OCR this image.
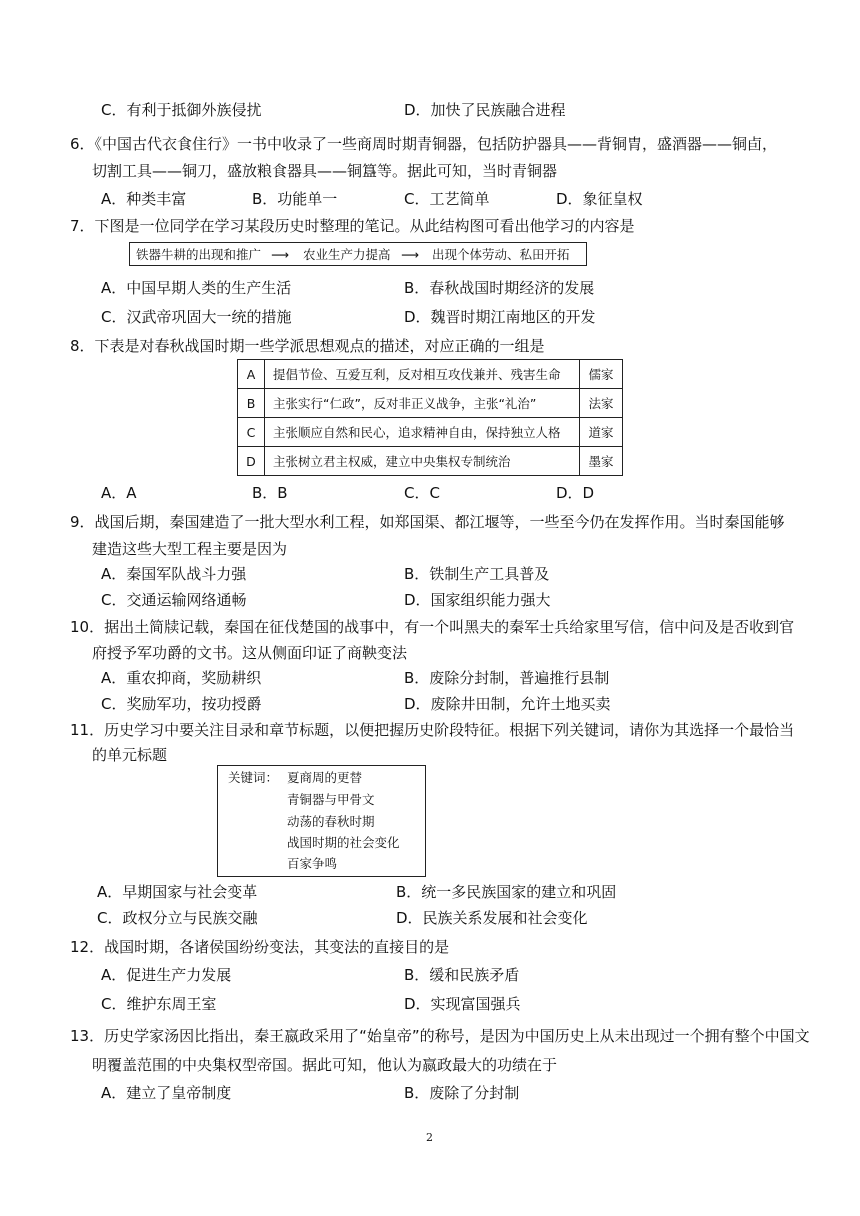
C．有利于抵御外族侵扰	D．加快了民族融合进程
6．《中国古代衣食住行》一书中收录了一些商周时期青铜器，包括防护器具——背铜胄，盛酒器——铜卣，
切割工具——铜刀，盛放粮食器具——铜簋等。据此可知，当时青铜器
A．种类丰富	B．功能单一	C．工艺简单	D．象征皇权
7．下图是一位同学在学习某段历史时整理的笔记。从此结构图可看出他学习的内容是
铁器牛耕的出现和推广 ⟶ 农业生产力提高 ⟶ 出现个体劳动、私田开拓
A．中国早期人类的生产生活	B．春秋战国时期经济的发展
C．汉武帝巩固大一统的措施	D．魏晋时期江南地区的开发
8．下表是对春秋战国时期一些学派思想观点的描述，对应正确的一组是
A	提倡节俭、互爱互利，反对相互攻伐兼并、残害生命	儒家
B	主张实行“仁政”，反对非正义战争，主张“礼治”	法家
C	主张顺应自然和民心，追求精神自由，保持独立人格	道家
D	主张树立君主权威，建立中央集权专制统治	墨家
A．A	B．B	C．C	D．D
9．战国后期，秦国建造了一批大型水利工程，如郑国渠、都江堰等，一些至今仍在发挥作用。当时秦国能够
建造这些大型工程主要是因为
A．秦国军队战斗力强	B．铁制生产工具普及
C．交通运输网络通畅	D．国家组织能力强大
10．据出土简牍记载，秦国在征伐楚国的战事中，有一个叫黑夫的秦军士兵给家里写信，信中问及是否收到官
府授予军功爵的文书。这从侧面印证了商鞅变法
A．重农抑商，奖励耕织	B．废除分封制，普遍推行县制
C．奖励军功，按功授爵	D．废除井田制，允许土地买卖
11．历史学习中要关注目录和章节标题，以便把握历史阶段特征。根据下列关键词，请你为其选择一个最恰当
的单元标题
关键词： 夏商周的更替
青铜器与甲骨文
动荡的春秋时期
战国时期的社会变化
百家争鸣
A．早期国家与社会变革	B．统一多民族国家的建立和巩固
C．政权分立与民族交融	D．民族关系发展和社会变化
12．战国时期，各诸侯国纷纷变法，其变法的直接目的是
A．促进生产力发展	B．缓和民族矛盾
C．维护东周王室	D．实现富国强兵
13．历史学家汤因比指出，秦王嬴政采用了“始皇帝”的称号，是因为中国历史上从未出现过一个拥有整个中国文
明覆盖范围的中央集权型帝国。据此可知，他认为嬴政最大的功绩在于
A．建立了皇帝制度	B．废除了分封制
2
